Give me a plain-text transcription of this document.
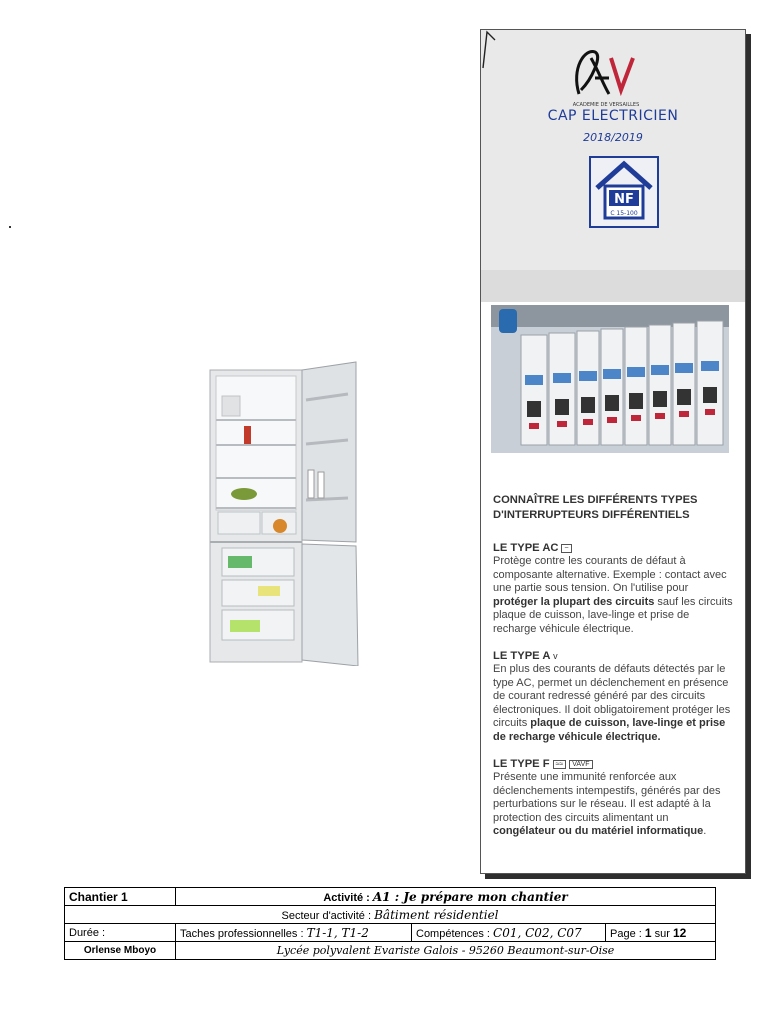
ACADEMIE DE VERSAILLES
CAP ELECTRICIEN
2018/2019
NF
C 15-100
CONNAÎTRE LES DIFFÉRENTS TYPES D'INTERRUPTEURS DIFFÉRENTIELS
LE TYPE AC ~

Protège contre les courants de défaut à composante alternative. Exemple : contact avec une partie sous tension. On l'utilise pour protéger la plupart des circuits sauf les circuits plaque de cuisson, lave-linge et prise de recharge véhicule électrique.

LE TYPE A v

En plus des courants de défauts détectés par le type AC, permet un déclenchement en présence de courant redressé généré par des circuits électroniques. Il doit obligatoirement protéger les circuits plaque de cuisson, lave-linge et prise de recharge véhicule électrique.

LE TYPE F ≈≈ VAVF

Présente une immunité renforcée aux déclenchements intempestifs, générés par des perturbations sur le réseau. Il est adapté à la protection des circuits alimentant un congélateur ou du matériel informatique.

Chantier 1	Activité : A1 : Je prépare mon chantier		
Secteur d'activité : Bâtiment résidentiel			
Durée :	Taches professionnelles : T1-1, T1-2	Compétences : C01, C02, C07	Page : 1 sur 12
Orlense Mboyo	Lycée polyvalent Evariste Galois - 95260 Beaumont-sur-Oise		
